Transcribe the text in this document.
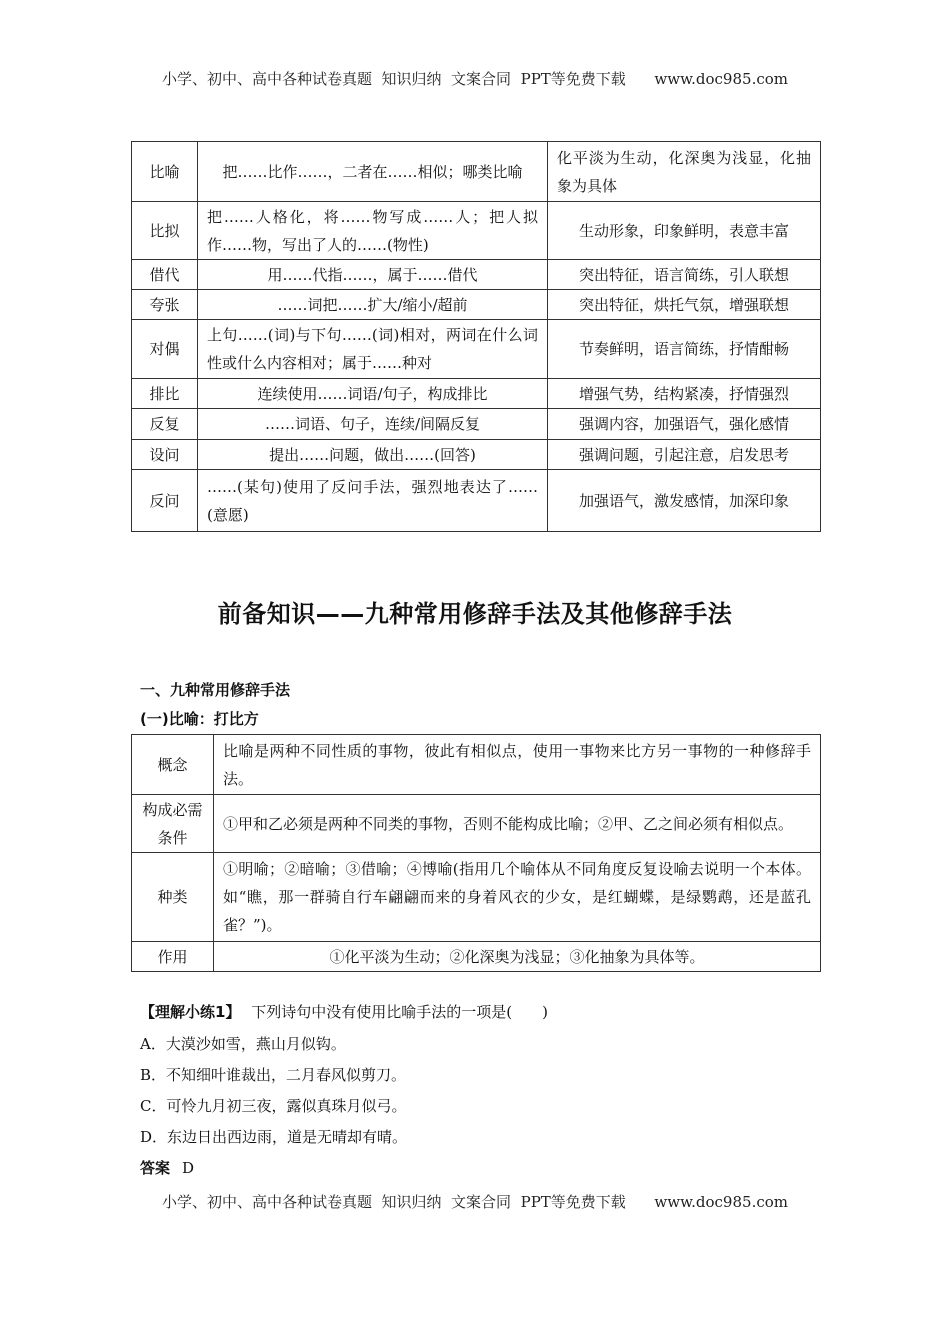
小学、初中、高中各种试卷真题  知识归纳  文案合同  PPT等免费下载      www.doc985.com
比喻	把……比作……，二者在……相似；哪类比喻	化平淡为生动，化深奥为浅显，化抽象为具体
比拟	把……人格化，将……物写成……人；把人拟作……物，写出了人的……(物性)	生动形象，印象鲜明，表意丰富
借代	用……代指……，属于……借代	突出特征，语言简练，引人联想
夸张	……词把……扩大/缩小/超前	突出特征，烘托气氛，增强联想
对偶	上句……(词)与下句……(词)相对，两词在什么词性或什么内容相对；属于……种对	节奏鲜明，语言简练，抒情酣畅
排比	连续使用……词语/句子，构成排比	增强气势，结构紧凑，抒情强烈
反复	……词语、句子，连续/间隔反复	强调内容，加强语气，强化感情
设问	提出……问题，做出……(回答)	强调问题，引起注意，启发思考
反问	……(某句)使用了反问手法，强烈地表达了……(意愿)	加强语气，激发感情，加深印象
前备知识——九种常用修辞手法及其他修辞手法
一、九种常用修辞手法
(一)比喻：打比方
概念	比喻是两种不同性质的事物，彼此有相似点，使用一事物来比方另一事物的一种修辞手法。
构成必需条件	①甲和乙必须是两种不同类的事物，否则不能构成比喻；②甲、乙之间必须有相似点。
种类	①明喻；②暗喻；③借喻；④博喻(指用几个喻体从不同角度反复设喻去说明一个本体。如“瞧，那一群骑自行车翩翩而来的身着风衣的少女，是红蝴蝶，是绿鹦鹉，还是蓝孔雀？”)。
作用	①化平淡为生动；②化深奥为浅显；③化抽象为具体等。
【理解小练1】 下列诗句中没有使用比喻手法的一项是(　　)
A．大漠沙如雪，燕山月似钩。
B．不知细叶谁裁出，二月春风似剪刀。
C．可怜九月初三夜，露似真珠月似弓。
D．东边日出西边雨，道是无晴却有晴。
答案 D
小学、初中、高中各种试卷真题  知识归纳  文案合同  PPT等免费下载      www.doc985.com
